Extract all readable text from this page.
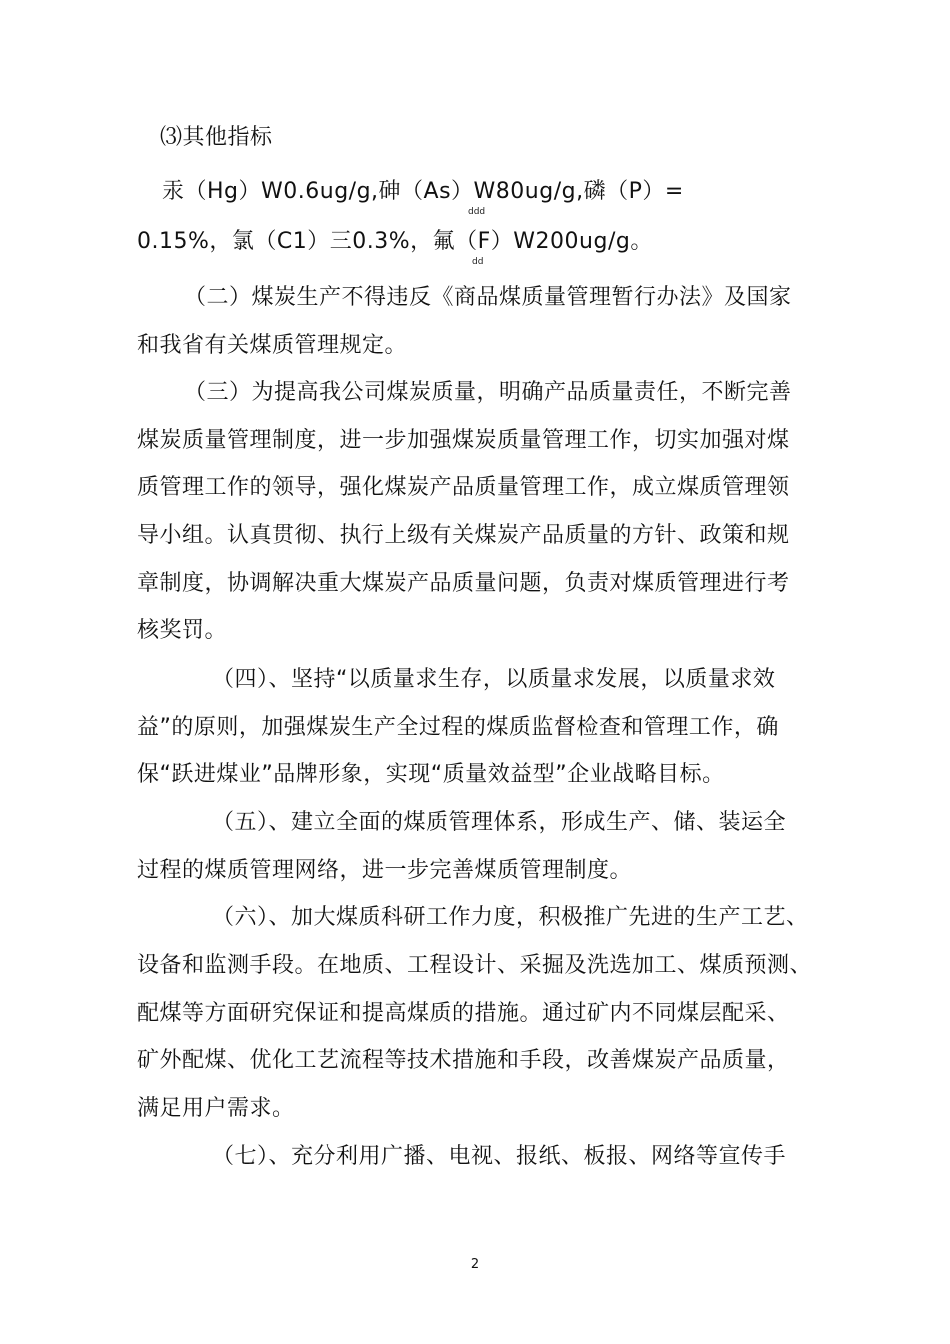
⑶其他指标
汞（Hg）W0.6ug/g,砷（As）W80ug/g,磷（P）=
ddd
0.15%，氯（C1）三0.3%，氟（F）W200ug/g。
dd
（二）煤炭生产不得违反《商品煤质量管理暂行办法》及国家
和我省有关煤质管理规定。
（三）为提高我公司煤炭质量，明确产品质量责任，不断完善
煤炭质量管理制度，进一步加强煤炭质量管理工作，切实加强对煤
质管理工作的领导，强化煤炭产品质量管理工作，成立煤质管理领
导小组。认真贯彻、执行上级有关煤炭产品质量的方针、政策和规
章制度，协调解决重大煤炭产品质量问题，负责对煤质管理进行考
核奖罚。
（四）、坚持“以质量求生存，以质量求发展，以质量求效
益”的原则，加强煤炭生产全过程的煤质监督检查和管理工作，确
保“跃进煤业”品牌形象，实现“质量效益型”企业战略目标。
（五）、建立全面的煤质管理体系，形成生产、储、装运全
过程的煤质管理网络，进一步完善煤质管理制度。
（六）、加大煤质科研工作力度，积极推广先进的生产工艺、
设备和监测手段。在地质、工程设计、采掘及洗选加工、煤质预测、
配煤等方面研究保证和提高煤质的措施。通过矿内不同煤层配采、
矿外配煤、优化工艺流程等技术措施和手段，改善煤炭产品质量，
满足用户需求。
（七）、充分利用广播、电视、报纸、板报、网络等宣传手
2
